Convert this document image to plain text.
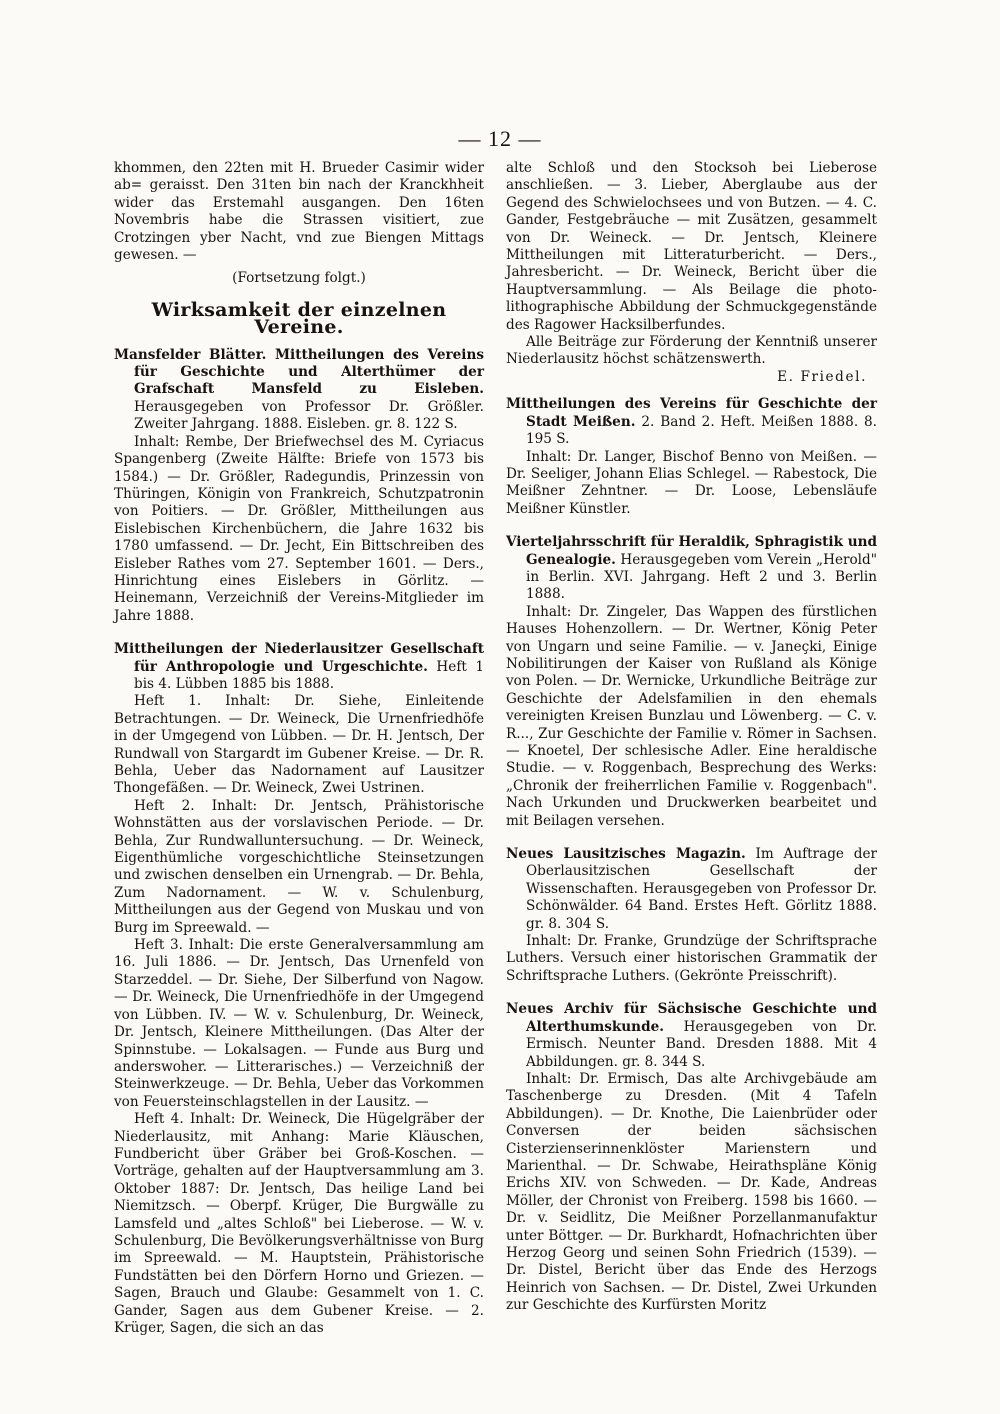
— 12 —

khommen, den 22ten mit H. Brueder Casimir wider ab= geraisst. Den 31ten bin nach der Kranckhheit wider das Erstemahl ausgangen. Den 16ten Novembris habe die Strassen visitiert, zue Crotzingen yber Nacht, vnd zue Biengen Mittags gewesen. —

(Fortsetzung folgt.)

Wirksamkeit der einzelnen Vereine.

Mansfelder Blätter. Mittheilungen des Vereins für Geschichte und Alterthümer der Grafschaft Mansfeld zu Eisleben. Herausgegeben von Professor Dr. Größler. Zweiter Jahrgang. 1888. Eisleben. gr. 8. 122 S.

Inhalt: Rembe, Der Briefwechsel des M. Cyriacus Spangenberg (Zweite Hälfte: Briefe von 1573 bis 1584.) — Dr. Größler, Radegundis, Prinzessin von Thüringen, Königin von Frankreich, Schutzpatronin von Poitiers. — Dr. Größler, Mittheilungen aus Eislebischen Kirchenbüchern, die Jahre 1632 bis 1780 umfassend. — Dr. Jecht, Ein Bittschreiben des Eisleber Rathes vom 27. September 1601. — Ders., Hinrichtung eines Eislebers in Görlitz. — Heinemann, Verzeichniß der Vereins-Mitglieder im Jahre 1888.

Mittheilungen der Niederlausitzer Gesellschaft für Anthropologie und Urgeschichte. Heft 1 bis 4. Lübben 1885 bis 1888.

Heft 1. Inhalt: Dr. Siehe, Einleitende Betrachtungen. — Dr. Weineck, Die Urnenfriedhöfe in der Umgegend von Lübben. — Dr. H. Jentsch, Der Rundwall von Stargardt im Gubener Kreise. — Dr. R. Behla, Ueber das Nadornament auf Lausitzer Thongefäßen. — Dr. Weineck, Zwei Ustrinen.

Heft 2. Inhalt: Dr. Jentsch, Prähistorische Wohnstätten aus der vorslavischen Periode. — Dr. Behla, Zur Rundwalluntersuchung. — Dr. Weineck, Eigenthümliche vorgeschichtliche Steinsetzungen und zwischen denselben ein Urnengrab. — Dr. Behla, Zum Nadornament. — W. v. Schulenburg, Mittheilungen aus der Gegend von Muskau und von Burg im Spreewald. —

Heft 3. Inhalt: Die erste Generalversammlung am 16. Juli 1886. — Dr. Jentsch, Das Urnenfeld von Starzeddel. — Dr. Siehe, Der Silberfund von Nagow. — Dr. Weineck, Die Urnenfriedhöfe in der Umgegend von Lübben. IV. — W. v. Schulenburg, Dr. Weineck, Dr. Jentsch, Kleinere Mittheilungen. (Das Alter der Spinnstube. — Lokalsagen. — Funde aus Burg und anderswoher. — Litterarisches.) — Verzeichniß der Steinwerkzeuge. — Dr. Behla, Ueber das Vorkommen von Feuersteinschlagstellen in der Lausitz. —

Heft 4. Inhalt: Dr. Weineck, Die Hügelgräber der Niederlausitz, mit Anhang: Marie Kläuschen, Fundbericht über Gräber bei Groß-Koschen. — Vorträge, gehalten auf der Hauptversammlung am 3. Oktober 1887: Dr. Jentsch, Das heilige Land bei Niemitzsch. — Oberpf. Krüger, Die Burgwälle zu Lamsfeld und „altes Schloß" bei Lieberose. — W. v. Schulenburg, Die Bevölkerungsverhältnisse von Burg im Spreewald. — M. Hauptstein, Prähistorische Fundstätten bei den Dörfern Horno und Griezen. — Sagen, Brauch und Glaube: Gesammelt von 1. C. Gander, Sagen aus dem Gubener Kreise. — 2. Krüger, Sagen, die sich an das

alte Schloß und den Stocksoh bei Lieberose anschließen. — 3. Lieber, Aberglaube aus der Gegend des Schwielochsees und von Butzen. — 4. C. Gander, Festgebräuche — mit Zusätzen, gesammelt von Dr. Weineck. — Dr. Jentsch, Kleinere Mittheilungen mit Litteraturbericht. — Ders., Jahresbericht. — Dr. Weineck, Bericht über die Hauptversammlung. — Als Beilage die photo-lithographische Abbildung der Schmuckgegenstände des Ragower Hacksilberfundes.

Alle Beiträge zur Förderung der Kenntniß unserer Niederlausitz höchst schätzenswerth.

E. Friedel.

Mittheilungen des Vereins für Geschichte der Stadt Meißen. 2. Band 2. Heft. Meißen 1888. 8. 195 S.

Inhalt: Dr. Langer, Bischof Benno von Meißen. — Dr. Seeliger, Johann Elias Schlegel. — Rabestock, Die Meißner Zehntner. — Dr. Loose, Lebensläufe Meißner Künstler.

Vierteljahrsschrift für Heraldik, Sphragistik und Genealogie. Herausgegeben vom Verein „Herold" in Berlin. XVI. Jahrgang. Heft 2 und 3. Berlin 1888.

Inhalt: Dr. Zingeler, Das Wappen des fürstlichen Hauses Hohenzollern. — Dr. Wertner, König Peter von Ungarn und seine Familie. — v. Janeçki, Einige Nobilitirungen der Kaiser von Rußland als Könige von Polen. — Dr. Wernicke, Urkundliche Beiträge zur Geschichte der Adelsfamilien in den ehemals vereinigten Kreisen Bunzlau und Löwenberg. — C. v. R..., Zur Geschichte der Familie v. Römer in Sachsen. — Knoetel, Der schlesische Adler. Eine heraldische Studie. — v. Roggenbach, Besprechung des Werks: „Chronik der freiherrlichen Familie v. Roggenbach". Nach Urkunden und Druckwerken bearbeitet und mit Beilagen versehen.

Neues Lausitzisches Magazin. Im Auftrage der Oberlausitzischen Gesellschaft der Wissenschaften. Herausgegeben von Professor Dr. Schönwälder. 64 Band. Erstes Heft. Görlitz 1888. gr. 8. 304 S.

Inhalt: Dr. Franke, Grundzüge der Schriftsprache Luthers. Versuch einer historischen Grammatik der Schriftsprache Luthers. (Gekrönte Preisschrift).

Neues Archiv für Sächsische Geschichte und Alterthumskunde. Herausgegeben von Dr. Ermisch. Neunter Band. Dresden 1888. Mit 4 Abbildungen. gr. 8. 344 S.

Inhalt: Dr. Ermisch, Das alte Archivgebäude am Taschenberge zu Dresden. (Mit 4 Tafeln Abbildungen). — Dr. Knothe, Die Laienbrüder oder Conversen der beiden sächsischen Cisterzienserinnenklöster Marienstern und Marienthal. — Dr. Schwabe, Heirathspläne König Erichs XIV. von Schweden. — Dr. Kade, Andreas Möller, der Chronist von Freiberg. 1598 bis 1660. — Dr. v. Seidlitz, Die Meißner Porzellanmanufaktur unter Böttger. — Dr. Burkhardt, Hofnachrichten über Herzog Georg und seinen Sohn Friedrich (1539). — Dr. Distel, Bericht über das Ende des Herzogs Heinrich von Sachsen. — Dr. Distel, Zwei Urkunden zur Geschichte des Kurfürsten Moritz
